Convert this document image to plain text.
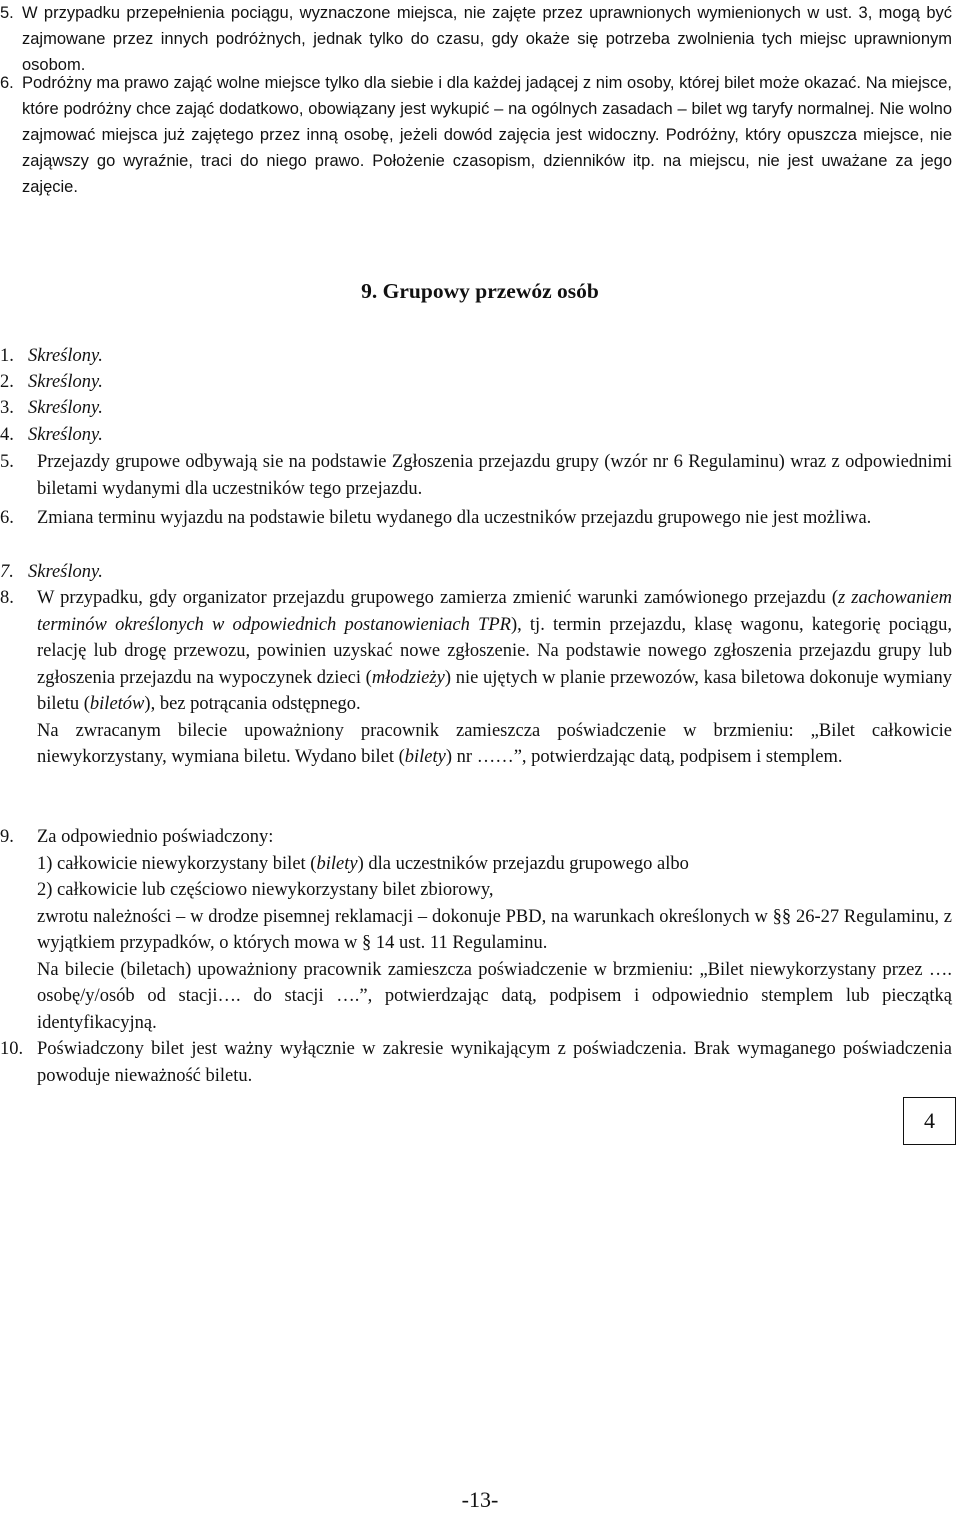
5. W przypadku przepełnienia pociągu, wyznaczone miejsca, nie zajęte przez uprawnionych wymienionych w ust. 3, mogą być zajmowane przez innych podróżnych, jednak tylko do czasu, gdy okaże się potrzeba zwolnienia tych miejsc uprawnionym osobom.
6. Podróżny ma prawo zająć wolne miejsce tylko dla siebie i dla każdej jadącej z nim osoby, której bilet może okazać. Na miejsce, które podróżny chce zająć dodatkowo, obowiązany jest wykupić – na ogólnych zasadach – bilet wg taryfy normalnej. Nie wolno zajmować miejsca już zajętego przez inną osobę, jeżeli dowód zajęcia jest widoczny. Podróżny, który opuszcza miejsce, nie zająwszy go wyraźnie, traci do niego prawo. Położenie czasopism, dzienników itp. na miejscu, nie jest uważane za jego zajęcie.
9. Grupowy przewóz osób
1. Skreślony.
2. Skreślony.
3. Skreślony.
4. Skreślony.
5. Przejazdy grupowe odbywają sie na podstawie Zgłoszenia przejazdu grupy (wzór nr 6 Regulaminu) wraz z odpowiednimi biletami wydanymi dla uczestników tego przejazdu.
6. Zmiana terminu wyjazdu na podstawie biletu wydanego dla uczestników przejazdu grupowego nie jest możliwa.
7. Skreślony.
8. W przypadku, gdy organizator przejazdu grupowego zamierza zmienić warunki zamówionego przejazdu (z zachowaniem terminów określonych w odpowiednich postanowieniach TPR), tj. termin przejazdu, klasę wagonu, kategorię pociągu, relację lub drogę przewozu, powinien uzyskać nowe zgłoszenie. Na podstawie nowego zgłoszenia przejazdu grupy lub zgłoszenia przejazdu na wypoczynek dzieci (młodzieży) nie ujętych w planie przewozów, kasa biletowa dokonuje wymiany biletu (biletów), bez potrącania odstępnego.
Na zwracanym bilecie upoważniony pracownik zamieszcza poświadczenie w brzmieniu: „Bilet całkowicie niewykorzystany, wymiana biletu. Wydano bilet (bilety) nr ……”, potwierdzając datą, podpisem i stemplem.
9. Za odpowiednio poświadczony:
1) całkowicie niewykorzystany bilet (bilety) dla uczestników przejazdu grupowego albo
2) całkowicie lub częściowo niewykorzystany bilet zbiorowy,
zwrotu należności – w drodze pisemnej reklamacji – dokonuje PBD, na warunkach określonych w §§ 26-27 Regulaminu, z wyjątkiem przypadków, o których mowa w § 14 ust. 11 Regulaminu.
Na bilecie (biletach) upoważniony pracownik zamieszcza poświadczenie w brzmieniu: „Bilet niewykorzystany przez …. osobę/y/osób od stacji…. do stacji ….”, potwierdzając datą, podpisem i odpowiednio stemplem lub pieczątką identyfikacyjną.
10. Poświadczony bilet jest ważny wyłącznie w zakresie wynikającym z poświadczenia. Brak wymaganego poświadczenia powoduje nieważność biletu.
4
-13-
